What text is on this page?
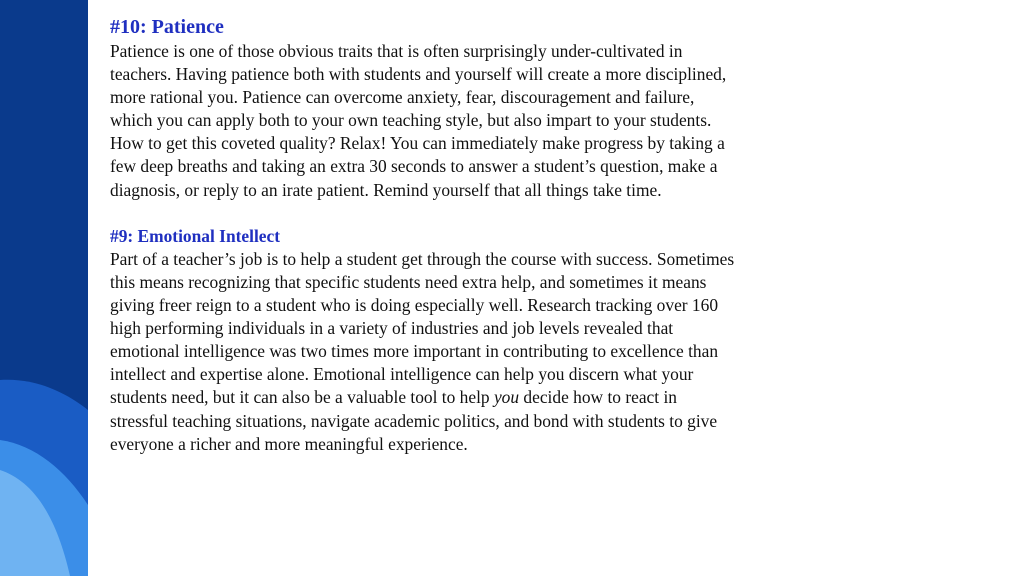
#10: Patience

Patience is one of those obvious traits that is often surprisingly under-cultivated in
teachers. Having patience both with students and yourself will create a more disciplined,
more rational you. Patience can overcome anxiety, fear, discouragement and failure,
which you can apply both to your own teaching style, but also impart to your students.
How to get this coveted quality? Relax! You can immediately make progress by taking a
few deep breaths and taking an extra 30 seconds to answer a student’s question, make a
diagnosis, or reply to an irate patient. Remind yourself that all things take time.

#9: Emotional Intellect

Part of a teacher’s job is to help a student get through the course with success. Sometimes
this means recognizing that specific students need extra help, and sometimes it means
giving freer reign to a student who is doing especially well. Research tracking over 160
high performing individuals in a variety of industries and job levels revealed that
emotional intelligence was two times more important in contributing to excellence than
intellect and expertise alone. Emotional intelligence can help you discern what your
students need, but it can also be a valuable tool to help you decide how to react in
stressful teaching situations, navigate academic politics, and bond with students to give
everyone a richer and more meaningful experience.
